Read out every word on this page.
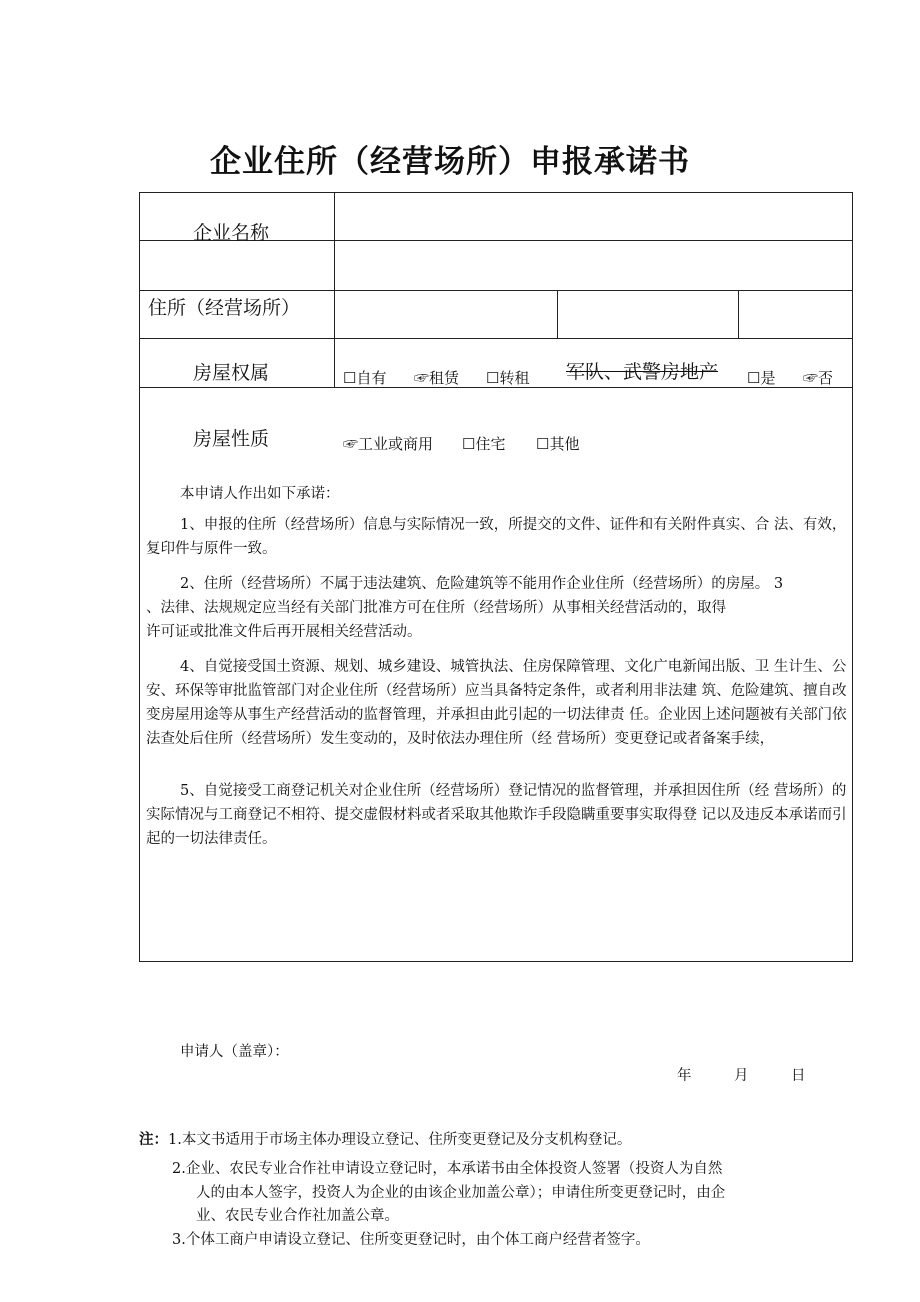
企业住所（经营场所）申报承诺书
企业名称
住所（经营场所）
房屋权属	☐自有 ☞租赁 ☐转租 军队、武警房地产 ☐是 ☞否
房屋性质	☞工业或商用 ☐住宅 ☐其他
本申请人作出如下承诺：
1、申报的住所（经营场所）信息与实际情况一致，所提交的文件、证件和有关附件真实、合 法、有效，复印件与原件一致。
2、住所（经营场所）不属于违法建筑、危险建筑等不能用作企业住所（经营场所）的房屋。 3
、法律、法规规定应当经有关部门批准方可在住所（经营场所）从事相关经营活动的，取得
许可证或批准文件后再开展相关经营活动。
4、自觉接受国土资源、规划、城乡建设、城管执法、住房保障管理、文化广电新闻出版、卫 生计生、公安、环保等审批监管部门对企业住所（经营场所）应当具备特定条件，或者利用非法建 筑、危险建筑、擅自改变房屋用途等从事生产经营活动的监督管理，并承担由此引起的一切法律责 任。企业因上述问题被有关部门依法查处后住所（经营场所）发生变动的，及时依法办理住所（经 营场所）变更登记或者备案手续，
5、自觉接受工商登记机关对企业住所（经营场所）登记情况的监督管理，并承担因住所（经 营场所）的实际情况与工商登记不相符、提交虚假材料或者采取其他欺诈手段隐瞒重要事实取得登 记以及违反本承诺而引起的一切法律责任。
申请人（盖章）：
年	月	日
注：1.本文书适用于市场主体办理设立登记、住所变更登记及分支机构登记。
2.企业、农民专业合作社申请设立登记时，本承诺书由全体投资人签署（投资人为自然
人的由本人签字，投资人为企业的由该企业加盖公章）；申请住所变更登记时，由企
业、农民专业合作社加盖公章。
3.个体工商户申请设立登记、住所变更登记时，由个体工商户经营者签字。
